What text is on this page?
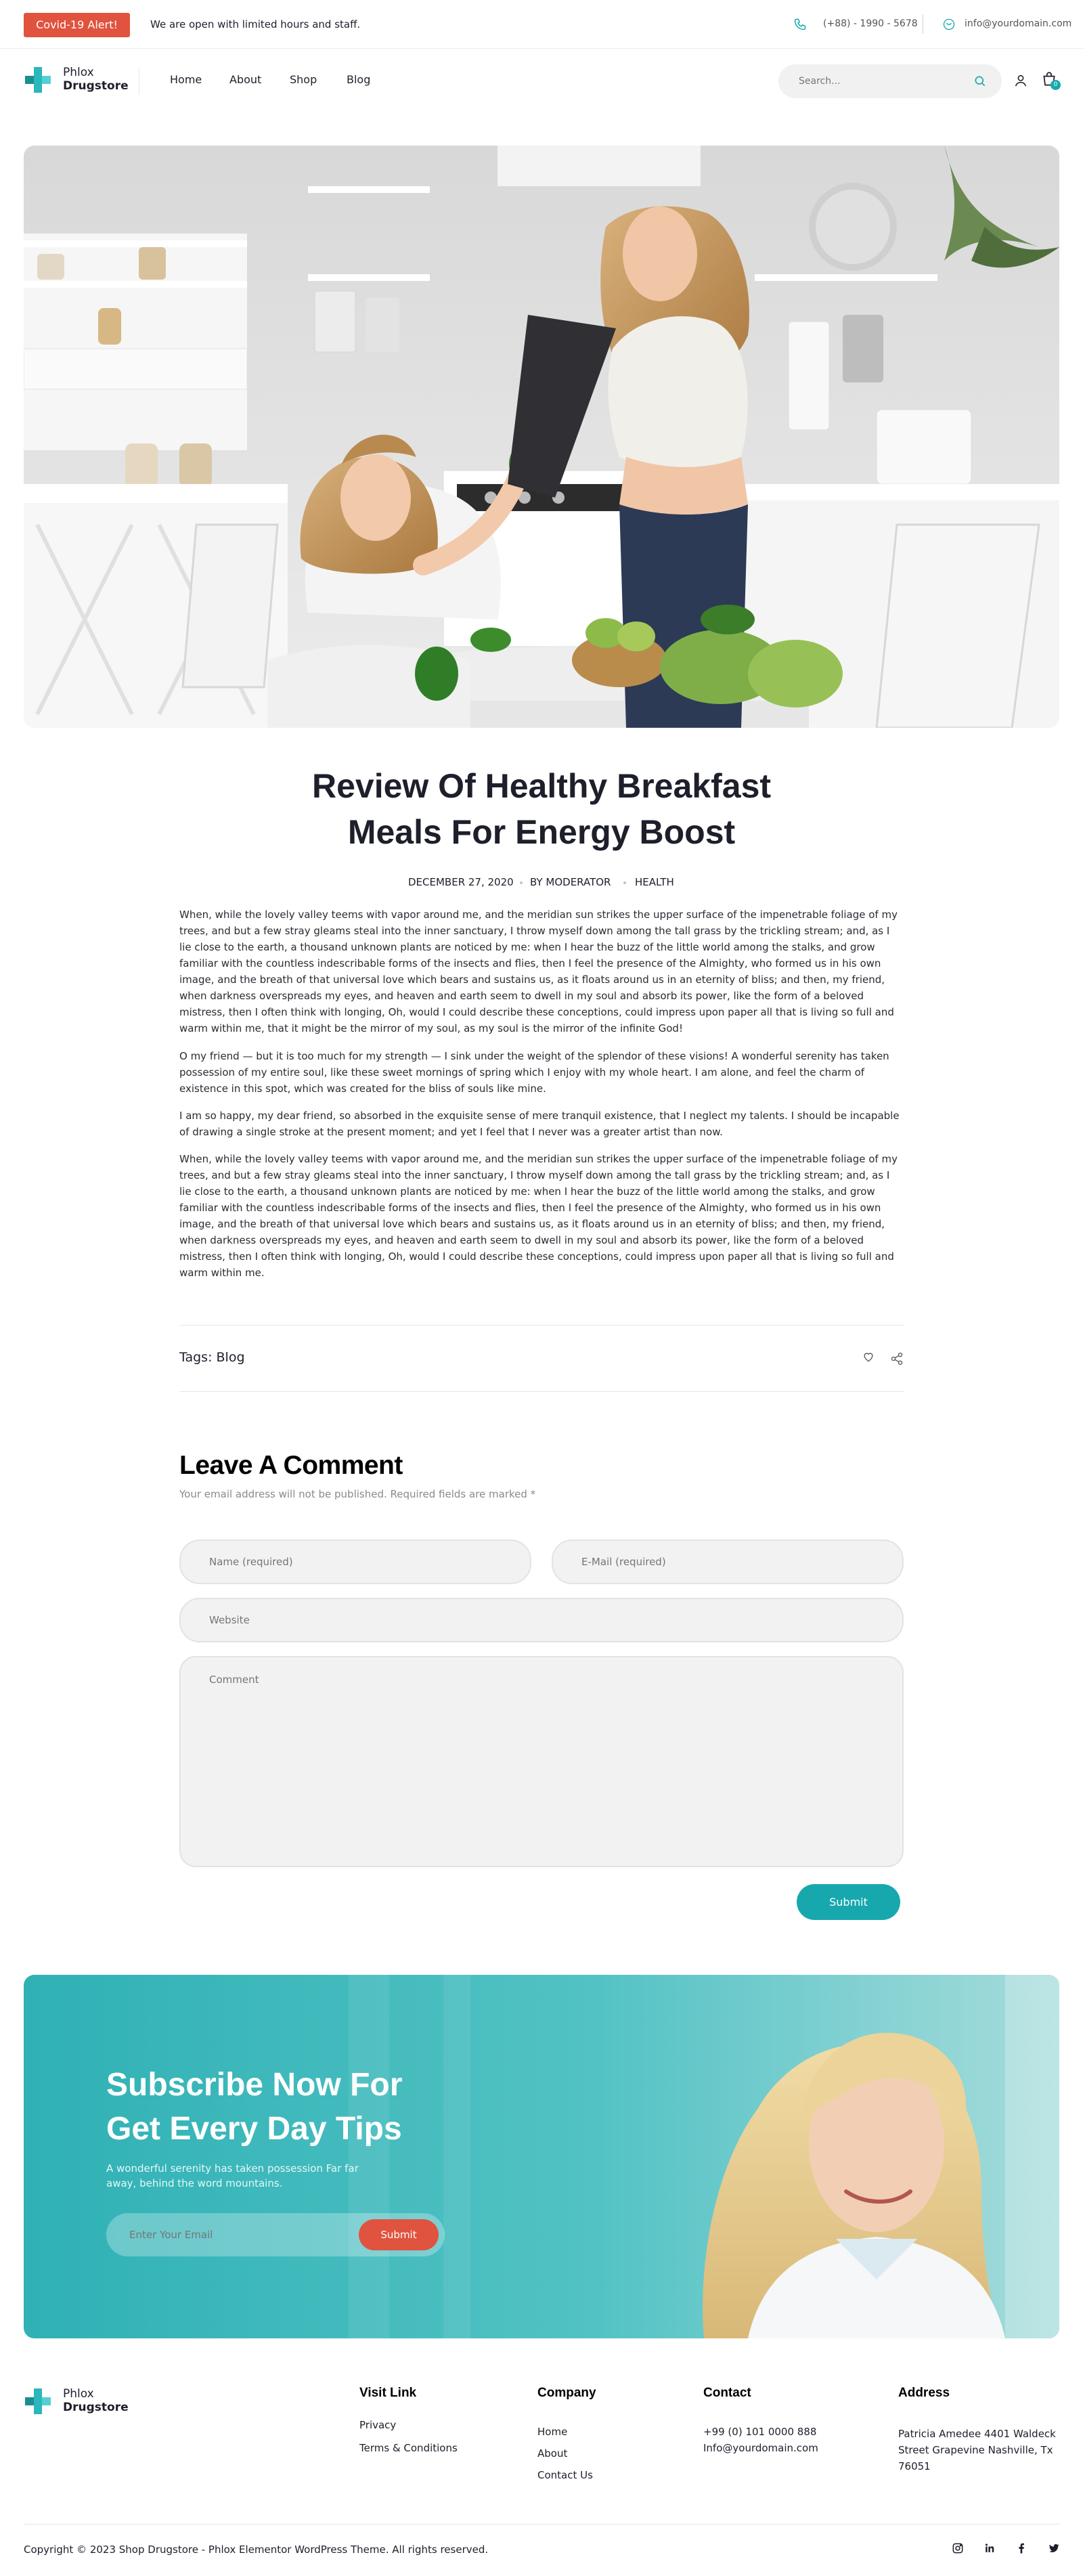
Covid-19 Alert!	We are open with limited hours and staff.	(+88) - 1990 - 5678	info@yourdomain.com
Phlox
Drugstore	Home	About	Shop	Blog
Search...	0
Review Of Healthy Breakfast
Meals For Energy Boost
DECEMBER 27, 2020 BY MODERATOR HEALTH
When, while the lovely valley teems with vapor around me, and the meridian sun strikes the upper surface of the impenetrable foliage of my trees, and but a few stray gleams steal into the inner sanctuary, I throw myself down among the tall grass by the trickling stream; and, as I lie close to the earth, a thousand unknown plants are noticed by me: when I hear the buzz of the little world among the stalks, and grow familiar with the countless indescribable forms of the insects and flies, then I feel the presence of the Almighty, who formed us in his own image, and the breath of that universal love which bears and sustains us, as it floats around us in an eternity of bliss; and then, my friend, when darkness overspreads my eyes, and heaven and earth seem to dwell in my soul and absorb its power, like the form of a beloved mistress, then I often think with longing, Oh, would I could describe these conceptions, could impress upon paper all that is living so full and warm within me, that it might be the mirror of my soul, as my soul is the mirror of the infinite God!
O my friend — but it is too much for my strength — I sink under the weight of the splendor of these visions! A wonderful serenity has taken possession of my entire soul, like these sweet mornings of spring which I enjoy with my whole heart. I am alone, and feel the charm of existence in this spot, which was created for the bliss of souls like mine.
I am so happy, my dear friend, so absorbed in the exquisite sense of mere tranquil existence, that I neglect my talents. I should be incapable of drawing a single stroke at the present moment; and yet I feel that I never was a greater artist than now.
When, while the lovely valley teems with vapor around me, and the meridian sun strikes the upper surface of the impenetrable foliage of my trees, and but a few stray gleams steal into the inner sanctuary, I throw myself down among the tall grass by the trickling stream; and, as I lie close to the earth, a thousand unknown plants are noticed by me: when I hear the buzz of the little world among the stalks, and grow familiar with the countless indescribable forms of the insects and flies, then I feel the presence of the Almighty, who formed us in his own image, and the breath of that universal love which bears and sustains us, as it floats around us in an eternity of bliss; and then, my friend, when darkness overspreads my eyes, and heaven and earth seem to dwell in my soul and absorb its power, like the form of a beloved mistress, then I often think with longing, Oh, would I could describe these conceptions, could impress upon paper all that is living so full and warm within me.
Tags: Blog
Leave A Comment
Your email address will not be published. Required fields are marked *
Name (required)
E-Mail (required)
Website
Comment
Submit
Subscribe Now For
Get Every Day Tips
A wonderful serenity has taken possession Far far away, behind the word mountains.
Enter Your Email
Submit
Phlox
Drugstore
Visit Link
Privacy
Terms & Conditions
Company
Home
About
Contact Us
Contact
+99 (0) 101 0000 888
Info@yourdomain.com
Address
Patricia Amedee 4401 Waldeck Street Grapevine Nashville, Tx 76051
Copyright © 2023 Shop Drugstore - Phlox Elementor WordPress Theme. All rights reserved.
